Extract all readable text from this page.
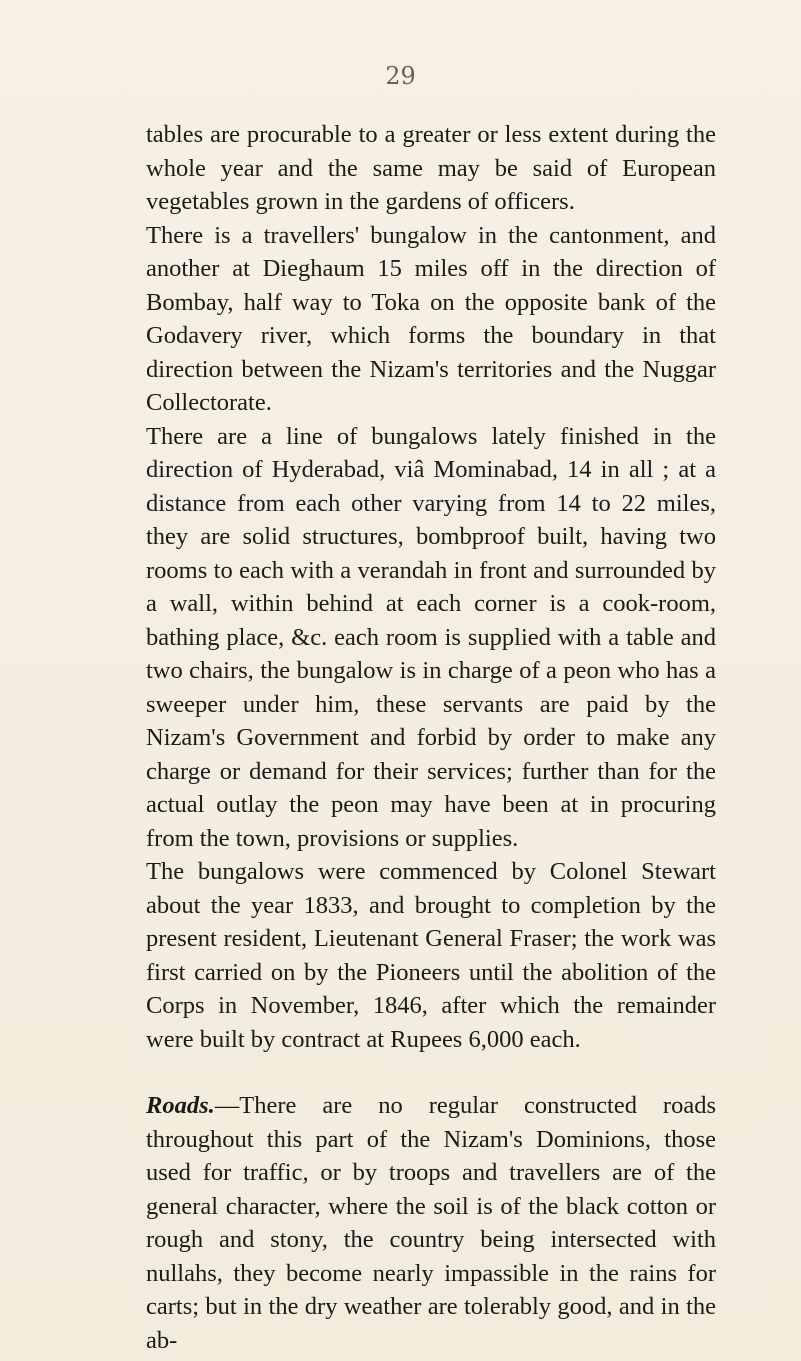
29

tables are procurable to a greater or less extent during the whole year and the same may be said of European vegetables grown in the gardens of officers.

There is a travellers' bungalow in the cantonment, and another at Dieghaum 15 miles off in the direction of Bombay, half way to Toka on the opposite bank of the Godavery river, which forms the boundary in that direction between the Nizam's territories and the Nuggar Collectorate.

There are a line of bungalows lately finished in the direction of Hyderabad, viâ Mominabad, 14 in all ; at a distance from each other varying from 14 to 22 miles, they are solid structures, bombproof built, having two rooms to each with a verandah in front and surrounded by a wall, within behind at each corner is a cook-room, bathing place, &c. each room is supplied with a table and two chairs, the bungalow is in charge of a peon who has a sweeper under him, these servants are paid by the Nizam's Government and forbid by order to make any charge or demand for their services; further than for the actual outlay the peon may have been at in procuring from the town, provisions or supplies.

The bungalows were commenced by Colonel Stewart about the year 1833, and brought to completion by the present resident, Lieutenant General Fraser; the work was first carried on by the Pioneers until the abolition of the Corps in November, 1846, after which the remainder were built by contract at Rupees 6,000 each.

Roads.—There are no regular constructed roads throughout this part of the Nizam's Dominions, those used for traffic, or by troops and travellers are of the general character, where the soil is of the black cotton or rough and stony, the country being intersected with nullahs, they become nearly impassible in the rains for carts; but in the dry weather are tolerably good, and in the ab-
